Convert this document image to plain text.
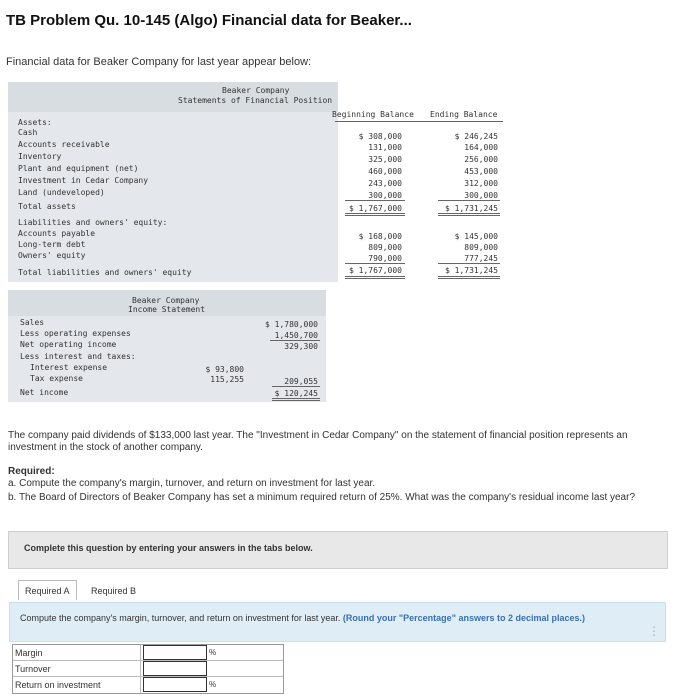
TB Problem Qu. 10-145 (Algo) Financial data for Beaker...
Financial data for Beaker Company for last year appear below:
Beaker Company
Statements of Financial Position
Beginning Balance Ending Balance
Assets:
Cash	$ 308,000	$ 246,245
Accounts receivable	131,000	164,000
Inventory	325,000	256,000
Plant and equipment (net)	460,000	453,000
Investment in Cedar Company	243,000	312,000
Land (undeveloped)	300,000	300,000
Total assets	$ 1,767,000	$ 1,731,245
Liabilities and owners' equity:
Accounts payable	$ 168,000	$ 145,000
Long-term debt	809,000	809,000
Owners' equity	790,000	777,245
Total liabilities and owners' equity	$ 1,767,000	$ 1,731,245
Beaker Company
Income Statement
Sales	$ 1,780,000
Less operating expenses	1,450,700
Net operating income	329,300
Less interest and taxes:
Interest expense	$ 93,800
Tax expense	115,255	209,055
Net income	$ 120,245
The company paid dividends of $133,000 last year. The "Investment in Cedar Company" on the statement of financial position represents an investment in the stock of another company.
Required:
a. Compute the company's margin, turnover, and return on investment for last year.
b. The Board of Directors of Beaker Company has set a minimum required return of 25%. What was the company's residual income last year?
Complete this question by entering your answers in the tabs below.
Required A	Required B
Compute the company's margin, turnover, and return on investment for last year. (Round your "Percentage" answers to 2 decimal places.)
Margin	%
Turnover
Return on investment	%
⋮
